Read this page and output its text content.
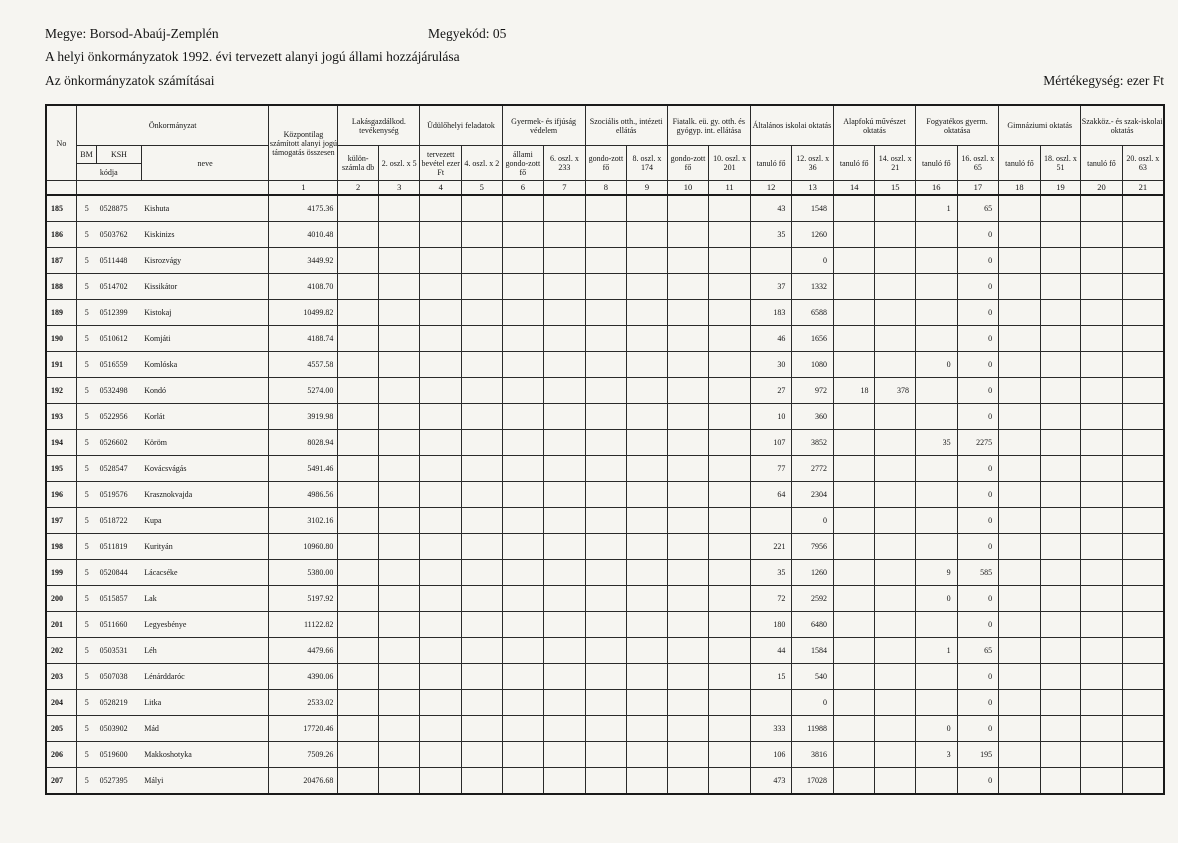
Megye: Borsod-Abaúj-Zemplén	Megyekód: 05
A helyi önkormányzatok 1992. évi tervezett alanyi jogú állami hozzájárulása
Az önkormányzatok számításai	Mértékegység: ezer Ft
No	Önkormányzat			Központilag számított alanyi jogú támogatás összesen	Lakásgazdálkod. tevékenység		Üdülőhelyi feladatok		Gyermek- és ifjúság védelem		Szociális otth., intézeti ellátás		Fiatalk. eü. gy. otth. és gyógyp. int. ellátása		Általános iskolai oktatás		Alapfokú művészet oktatás		Fogyatékos gyerm. oktatása		Gimnáziumi oktatás		Szakköz.- és szak-iskolai oktatás	
	BM	KSH	neve		külön-számla db	2. oszl. x 5	tervezett bevétel ezer Ft	4. oszl. x 2	állami gondo-zott fő	6. oszl. x 233	gondo-zott fő	8. oszl. x 174	gondo-zott fő	10. oszl. x 201	tanuló fő	12. oszl. x 36	tanuló fő	14. oszl. x 21	tanuló fő	16. oszl. x 65	tanuló fő	18. oszl. x 51	tanuló fő	20. oszl. x 63
	kódja																							
				1	2	3	4	5	6	7	8	9	10	11	12	13	14	15	16	17	18	19	20	21
185	5	0528875	Kishuta	4175.36											43	1548			1	65				
186	5	0503762	Kiskinizs	4010.48											35	1260				0				
187	5	0511448	Kisrozvágy	3449.92												0				0				
188	5	0514702	Kissikátor	4108.70											37	1332				0				
189	5	0512399	Kistokaj	10499.82											183	6588				0				
190	5	0510612	Komjáti	4188.74											46	1656				0				
191	5	0516559	Komlóska	4557.58											30	1080			0	0				
192	5	0532498	Kondó	5274.00											27	972	18	378		0				
193	5	0522956	Korlát	3919.98											10	360				0				
194	5	0526602	Köröm	8028.94											107	3852			35	2275				
195	5	0528547	Kovácsvágás	5491.46											77	2772				0				
196	5	0519576	Krasznokvajda	4986.56											64	2304				0				
197	5	0518722	Kupa	3102.16												0				0				
198	5	0511819	Kurityán	10960.80											221	7956				0				
199	5	0520844	Lácacséke	5380.00											35	1260			9	585				
200	5	0515857	Lak	5197.92											72	2592			0	0				
201	5	0511660	Legyesbénye	11122.82											180	6480				0				
202	5	0503531	Léh	4479.66											44	1584			1	65				
203	5	0507038	Lénárddaróc	4390.06											15	540				0				
204	5	0528219	Litka	2533.02												0				0				
205	5	0503902	Mád	17720.46											333	11988			0	0				
206	5	0519600	Makkoshotyka	7509.26											106	3816			3	195				
207	5	0527395	Mályi	20476.68											473	17028				0				
